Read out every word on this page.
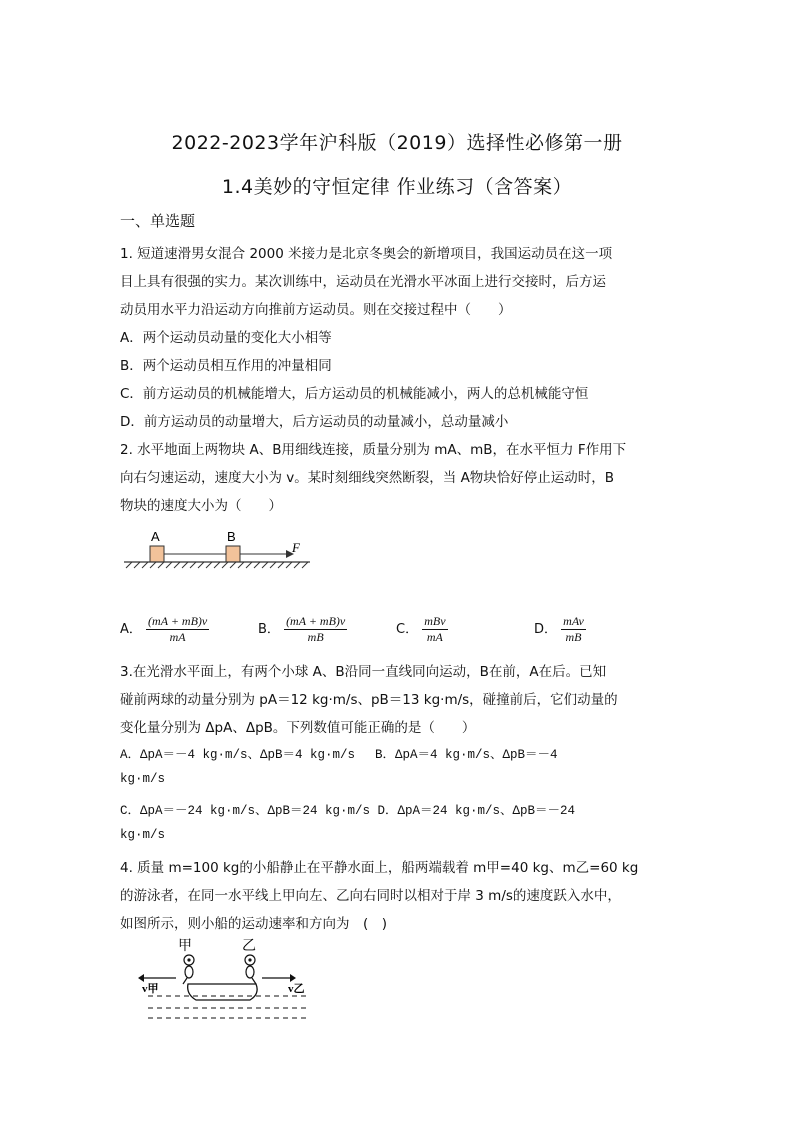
2022-2023学年沪科版（2019）选择性必修第一册
1.4美妙的守恒定律 作业练习（含答案）
一、单选题
1. 短道速滑男女混合 2000 米接力是北京冬奥会的新增项目，我国运动员在这一项
目上具有很强的实力。某次训练中，运动员在光滑水平冰面上进行交接时，后方运
动员用水平力沿运动方向推前方运动员。则在交接过程中（　　）
A．两个运动员动量的变化大小相等
B．两个运动员相互作用的冲量相同
C．前方运动员的机械能增大，后方运动员的机械能减小，两人的总机械能守恒
D．前方运动员的动量增大，后方运动员的动量减小，总动量减小
2. 水平地面上两物块 A、B用细线连接，质量分别为 mA、mB，在水平恒力 F作用下
向右匀速运动，速度大小为 v。某时刻细线突然断裂，当 A物块恰好停止运动时，B
物块的速度大小为（　　）
A	B
F
A． $\frac{(mA + mB)v}{mA}$	B． $\frac{(mA + mB)v}{mB}$	C． $\frac{\text{mBv}}{mA}$	D． $\frac{\text{mAv}}{mB}$
3.在光滑水平面上，有两个小球 A、B沿同一直线同向运动，B在前，A在后。已知
碰前两球的动量分别为 pA＝12 kg·m/s、pB＝13 kg·m/s，碰撞前后，它们动量的
变化量分别为 ΔpA、ΔpB。下列数值可能正确的是（　　）
A．ΔpA＝－4 kg·m/s、ΔpB＝4 kg·m/s　 B．ΔpA＝4 kg·m/s、ΔpB＝－4
kg·m/s
C．ΔpA＝－24 kg·m/s、ΔpB＝24 kg·m/s D．ΔpA＝24 kg·m/s、ΔpB＝－24
kg·m/s
4. 质量 m=100 kg的小船静止在平静水面上，船两端载着 m甲=40 kg、m乙=60 kg
的游泳者，在同一水平线上甲向左、乙向右同时以相对于岸 3 m/s的速度跃入水中，
如图所示，则小船的运动速率和方向为　(　)
甲	乙
v甲	v乙
